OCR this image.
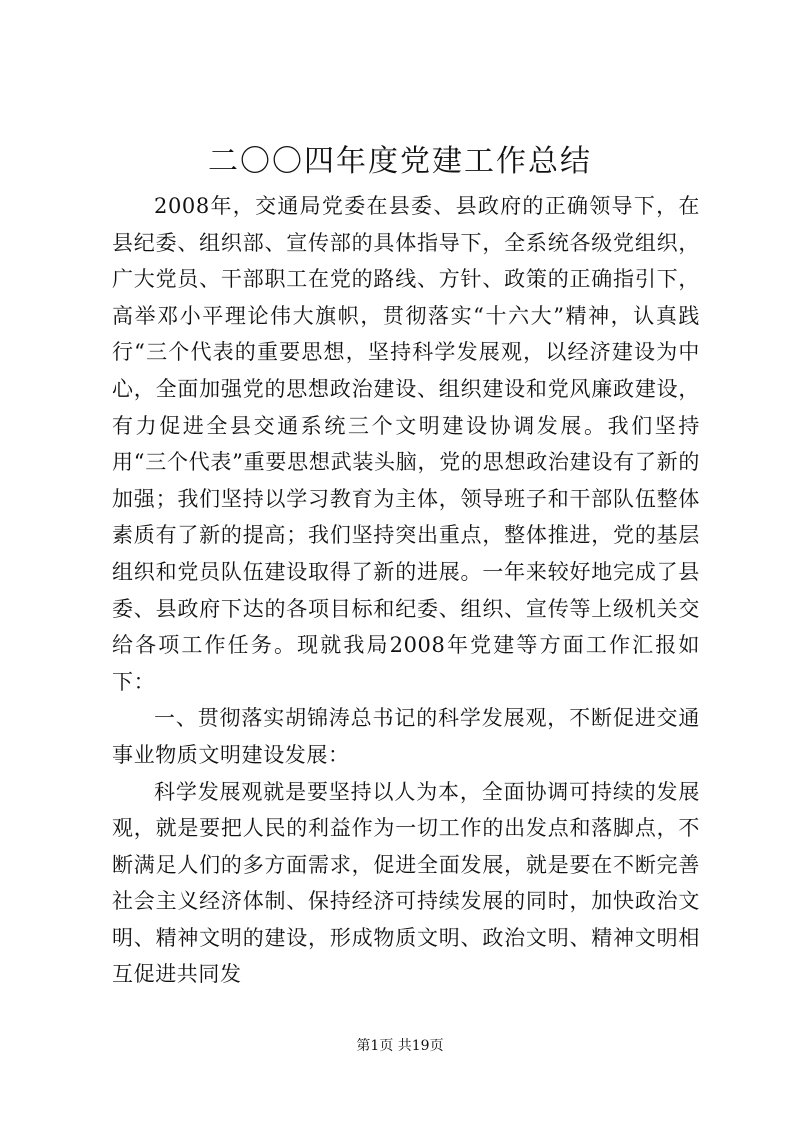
二〇〇四年度党建工作总结

2008年，交通局党委在县委、县政府的正确领导下，在县纪委、组织部、宣传部的具体指导下，全系统各级党组织，广大党员、干部职工在党的路线、方针、政策的正确指引下，高举邓小平理论伟大旗帜，贯彻落实“十六大”精神，认真践行“三个代表的重要思想，坚持科学发展观，以经济建设为中心，全面加强党的思想政治建设、组织建设和党风廉政建设，有力促进全县交通系统三个文明建设协调发展。我们坚持用“三个代表”重要思想武装头脑，党的思想政治建设有了新的加强；我们坚持以学习教育为主体，领导班子和干部队伍整体素质有了新的提高；我们坚持突出重点，整体推进，党的基层组织和党员队伍建设取得了新的进展。一年来较好地完成了县委、县政府下达的各项目标和纪委、组织、宣传等上级机关交给各项工作任务。现就我局2008年党建等方面工作汇报如下：

一、贯彻落实胡锦涛总书记的科学发展观，不断促进交通事业物质文明建设发展：

科学发展观就是要坚持以人为本，全面协调可持续的发展观，就是要把人民的利益作为一切工作的出发点和落脚点，不断满足人们的多方面需求，促进全面发展，就是要在不断完善社会主义经济体制、保持经济可持续发展的同时，加快政治文明、精神文明的建设，形成物质文明、政治文明、精神文明相互促进共同发

第1页 共19页
